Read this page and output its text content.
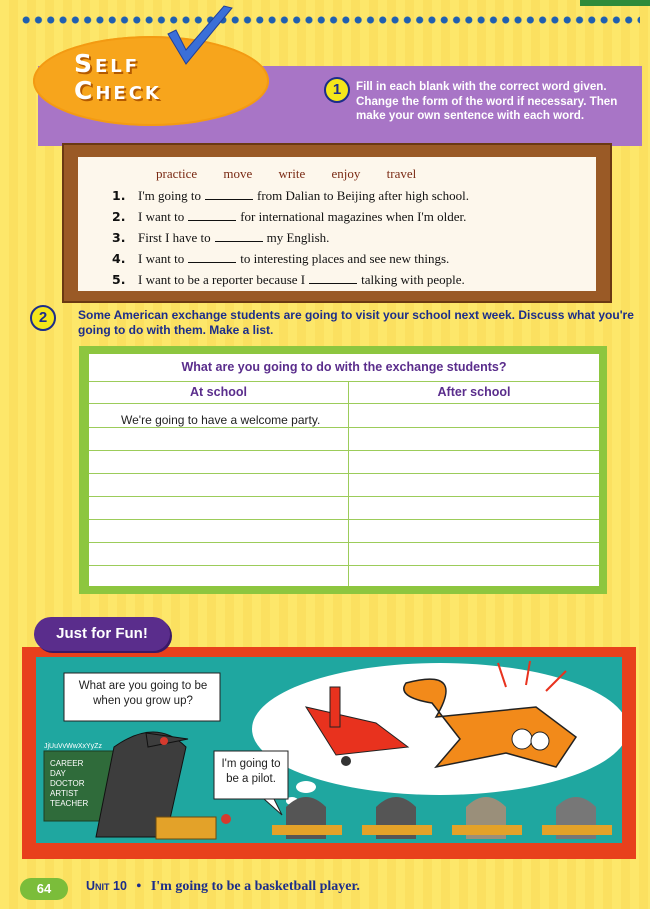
Self
Check	1	Fill in each blank with the correct word given. Change the form of the word if necessary. Then make your own sentence with each word.
practice move write enjoy travel
1. I'm going to	from Dalian to Beijing after high school.
2. I want to	for international magazines when I'm older.
3. First I have to	my English.
4. I want to	to interesting places and see new things.
5. I want to be a reporter because I	talking with people.
2	Some American exchange students are going to visit your school next week. Discuss what you're going to do with them. Make a list.
What are you going to do with the exchange students?
At school	After school
We're going to have a welcome party.
What are you going to be when you grow up?
I'm going to be a pilot.
JjUuVvWwXxYyZz
CAREER
DAY
DOCTOR
ARTIST
TEACHER
Just for Fun!
64	Unit 10 • I'm going to be a basketball player.
